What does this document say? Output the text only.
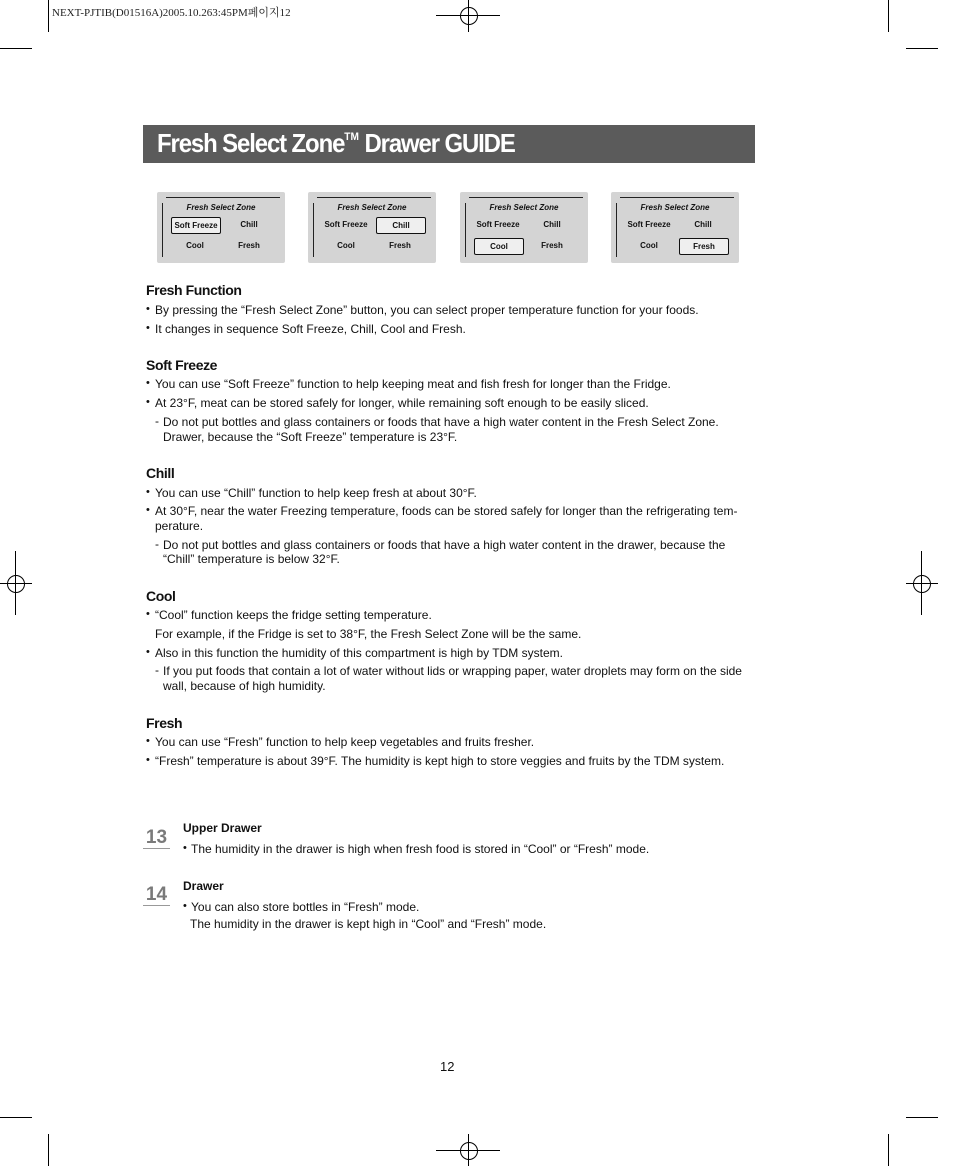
NEXT-PJTIB(D01516A)2005.10.263:45PM페이지12
Fresh Select Zone™ Drawer GUIDE
Fresh Select Zone
Soft Freeze	Chill
Cool	Fresh
Fresh Select Zone
Soft Freeze	Chill
Cool	Fresh
Fresh Select Zone
Soft Freeze	Chill
Cool	Fresh
Fresh Select Zone
Soft Freeze	Chill
Cool	Fresh
Fresh Function
• By pressing the “Fresh Select Zone” button, you can select proper temperature function for your foods.
• It changes in sequence Soft Freeze, Chill, Cool and Fresh.
Soft Freeze
• You can use “Soft Freeze” function to help keeping meat and fish fresh for longer than the Fridge.
• At 23°F, meat can be stored safely for longer, while remaining soft enough to be easily sliced.
- Do not put bottles and glass containers or foods that have a high water content in the Fresh Select Zone.
Drawer, because the “Soft Freeze” temperature is 23°F.
Chill
• You can use “Chill” function to help keep fresh at about 30°F.
• At 30°F, near the water Freezing temperature, foods can be stored safely for longer than the refrigerating tem-
perature.
- Do not put bottles and glass containers or foods that have a high water content in the drawer, because the
“Chill” temperature is below 32°F.
Cool
• “Cool” function keeps the fridge setting temperature.
For example, if the Fridge is set to 38°F, the Fresh Select Zone will be the same.
• Also in this function the humidity of this compartment is high by TDM system.
- If you put foods that contain a lot of water without lids or wrapping paper, water droplets may form on the side
wall, because of high humidity.
Fresh
• You can use “Fresh” function to help keep vegetables and fruits fresher.
• “Fresh” temperature is about 39°F. The humidity is kept high to store veggies and fruits by the TDM system.
13 Upper Drawer
• The humidity in the drawer is high when fresh food is stored in “Cool” or “Fresh” mode.
14 Drawer
• You can also store bottles in “Fresh” mode.
The humidity in the drawer is kept high in “Cool” and “Fresh” mode.
12
